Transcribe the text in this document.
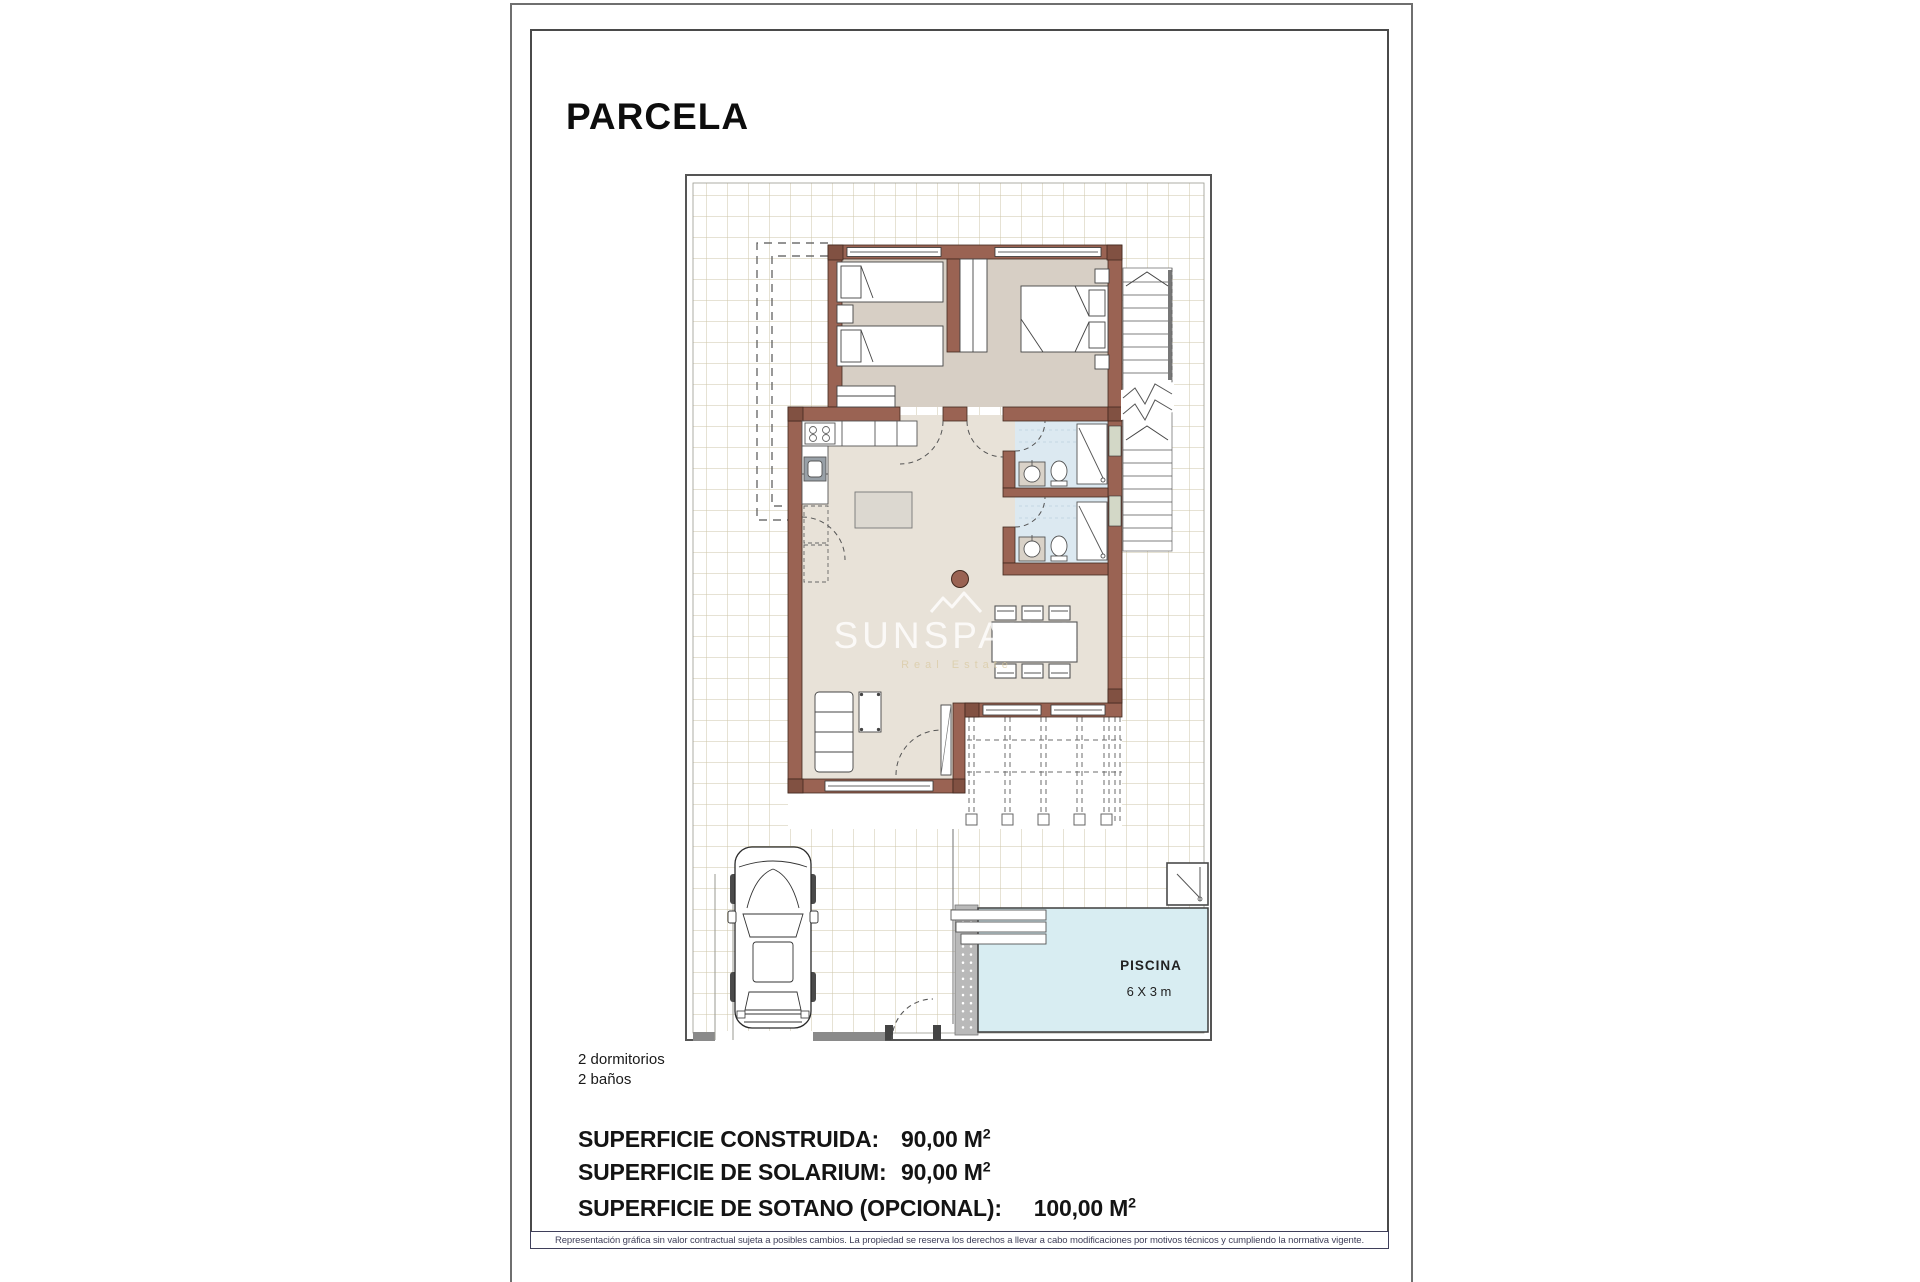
PARCELA
PISCINA
6 X 3 m
SUNSPANIA
Real Estate
2 dormitorios
2 baños
SUPERFICIE CONSTRUIDA: 90,00 $M^2$
SUPERFICIE DE SOLARIUM: 90,00 $M^2$
SUPERFICIE DE SOTANO (OPCIONAL): 100,00 $M^2$
Representación gráfica sin valor contractual sujeta a posibles cambios. La propiedad se reserva los derechos a llevar a cabo modificaciones por motivos técnicos y cumpliendo la normativa vigente.
